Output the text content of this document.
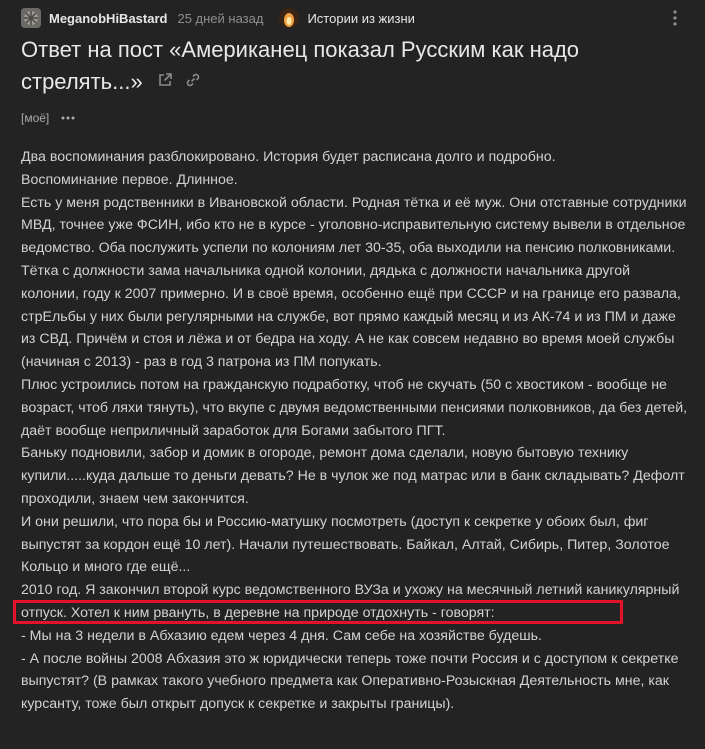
MeganobHiBastard 25 дней назад	Истории из жизни
Ответ на пост «Американец показал Русским как надо стрелять...»
[моё]

Два воспоминания разблокировано. История будет расписана долго и подробно.

Воспоминание первое. Длинное.

Есть у меня родственники в Ивановской области. Родная тётка и её муж. Они отставные сотрудники МВД, точнее уже ФСИН, ибо кто не в курсе - уголовно-исправительную систему вывели в отдельное ведомство. Оба послужить успели по колониям лет 30-35, оба выходили на пенсию полковниками. Тётка с должности зама начальника одной колонии, дядька с должности начальника другой колонии, году к 2007 примерно. И в своё время, особенно ещё при СССР и на границе его развала, стрЕльбы у них были регулярными на службе, вот прямо каждый месяц и из АК-74 и из ПМ и даже из СВД. Причём и стоя и лёжа и от бедра на ходу. А не как совсем недавно во время моей службы (начиная с 2013) - раз в год 3 патрона из ПМ попукать.

Плюс устроились потом на гражданскую подработку, чтоб не скучать (50 с хвостиком - вообще не возраст, чтоб ляхи тянуть), что вкупе с двумя ведомственными пенсиями полковников, да без детей, даёт вообще неприличный заработок для Богами забытого ПГТ.

Баньку подновили, забор и домик в огороде, ремонт дома сделали, новую бытовую технику купили.....куда дальше то деньги девать? Не в чулок же под матрас или в банк складывать? Дефолт проходили, знаем чем закончится.

И они решили, что пора бы и Россию-матушку посмотреть (доступ к секретке у обоих был, фиг выпустят за кордон ещё 10 лет). Начали путешествовать. Байкал, Алтай, Сибирь, Питер, Золотое Кольцо и много где ещё...

2010 год. Я закончил второй курс ведомственного ВУЗа и ухожу на месячный летний каникулярный отпуск. Хотел к ним рвануть, в деревне на природе отдохнуть - говорят:

- Мы на 3 недели в Абхазию едем через 4 дня. Сам себе на хозяйстве будешь.

- А после войны 2008 Абхазия это ж юридически теперь тоже почти Россия и с доступом к секретке выпустят? (В рамках такого учебного предмета как Оперативно-Розыскная Деятельность мне, как курсанту, тоже был открыт допуск к секретке и закрыты границы).
